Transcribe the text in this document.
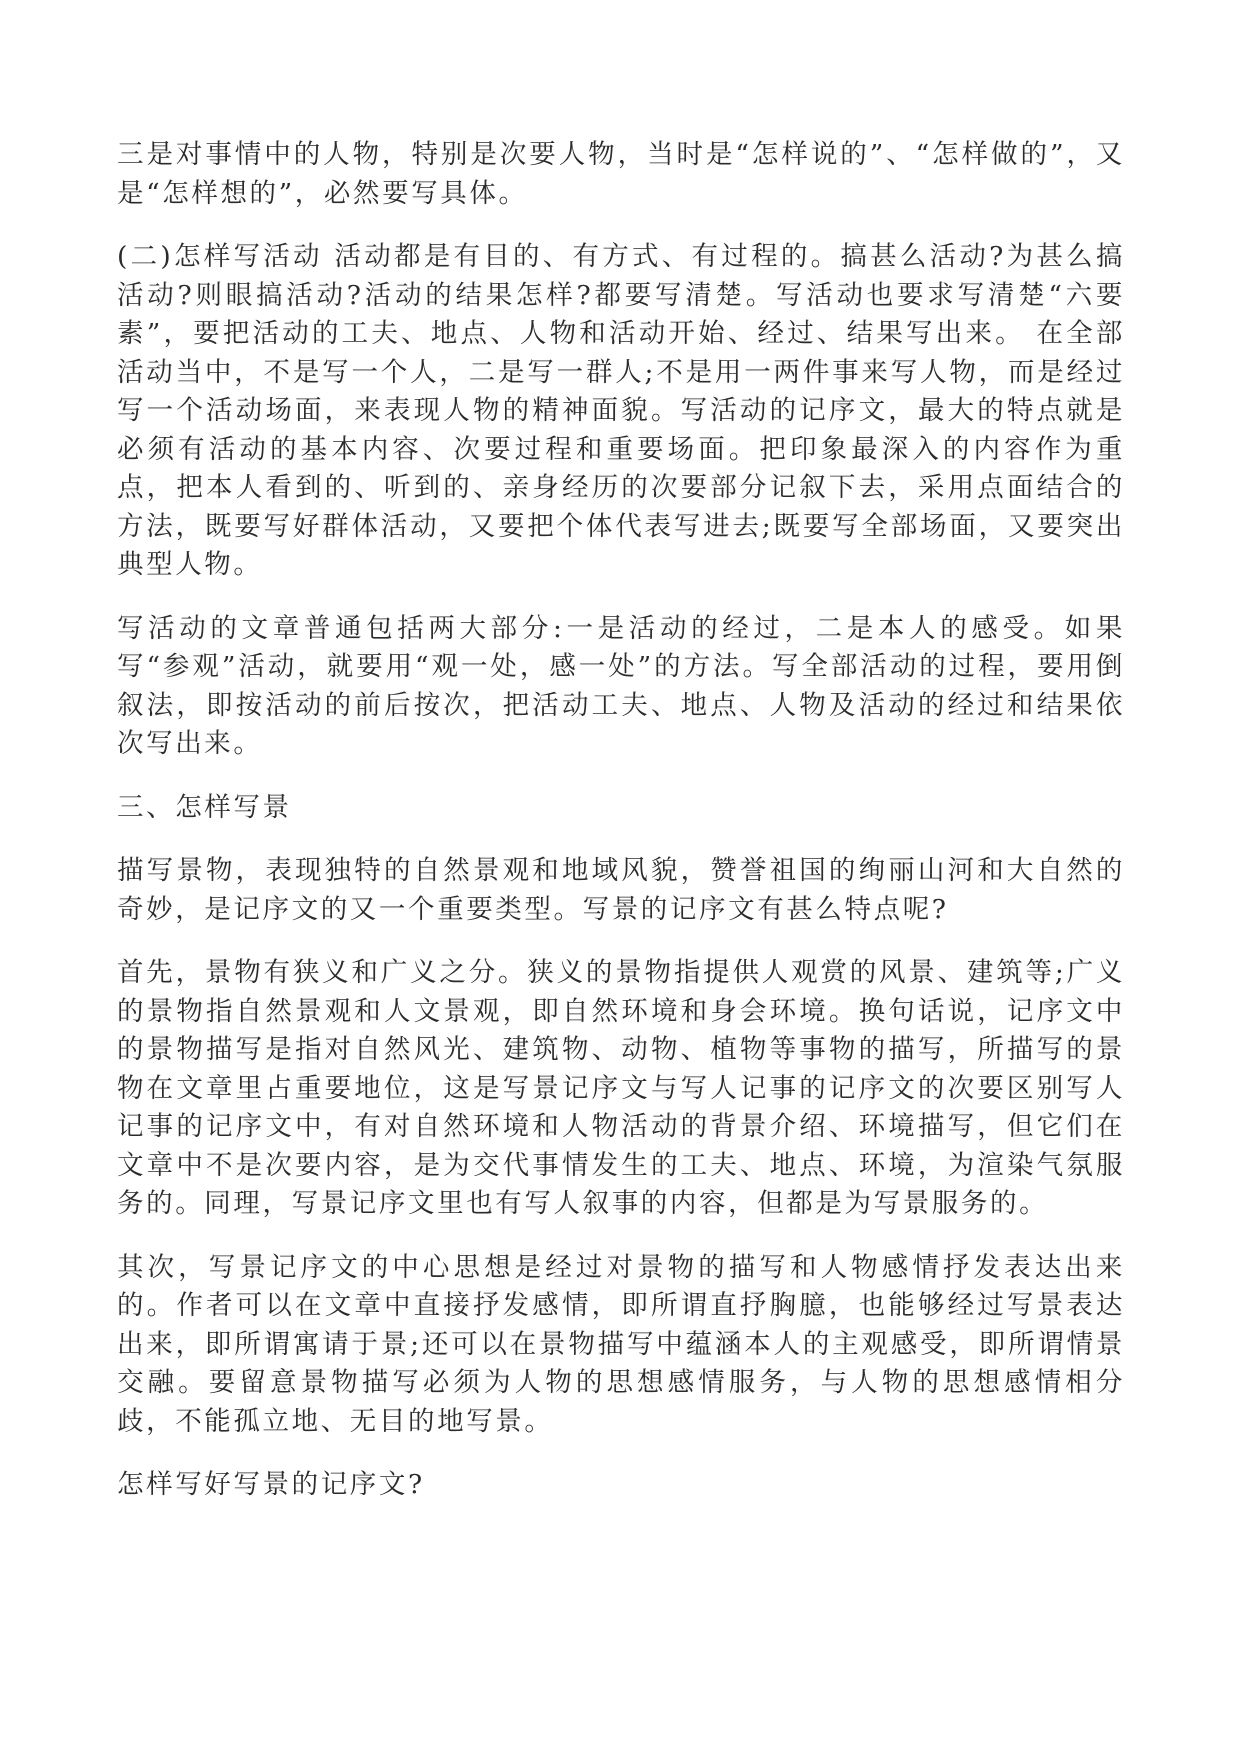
三是对事情中的人物，特别是次要人物，当时是“怎样说的”、“怎样做的”，又是“怎样想的”，必然要写具体。

(二)怎样写活动 活动都是有目的、有方式、有过程的。搞甚么活动?为甚么搞活动?则眼搞活动?活动的结果怎样?都要写清楚。写活动也要求写清楚“六要素”，要把活动的工夫、地点、人物和活动开始、经过、结果写出来。 在全部活动当中，不是写一个人，二是写一群人;不是用一两件事来写人物，而是经过写一个活动场面，来表现人物的精神面貌。写活动的记序文，最大的特点就是必须有活动的基本内容、次要过程和重要场面。把印象最深入的内容作为重点，把本人看到的、听到的、亲身经历的次要部分记叙下去，采用点面结合的方法，既要写好群体活动，又要把个体代表写进去;既要写全部场面，又要突出典型人物。

写活动的文章普通包括两大部分:一是活动的经过，二是本人的感受。如果写“参观”活动，就要用“观一处，感一处”的方法。写全部活动的过程，要用倒叙法，即按活动的前后按次，把活动工夫、地点、人物及活动的经过和结果依次写出来。

三、怎样写景

描写景物，表现独特的自然景观和地域风貌，赞誉祖国的绚丽山河和大自然的奇妙，是记序文的又一个重要类型。写景的记序文有甚么特点呢?

首先，景物有狭义和广义之分。狭义的景物指提供人观赏的风景、建筑等;广义的景物指自然景观和人文景观，即自然环境和身会环境。换句话说，记序文中的景物描写是指对自然风光、建筑物、动物、植物等事物的描写，所描写的景物在文章里占重要地位，这是写景记序文与写人记事的记序文的次要区别写人记事的记序文中，有对自然环境和人物活动的背景介绍、环境描写，但它们在文章中不是次要内容，是为交代事情发生的工夫、地点、环境，为渲染气氛服务的。同理，写景记序文里也有写人叙事的内容，但都是为写景服务的。

其次，写景记序文的中心思想是经过对景物的描写和人物感情抒发表达出来的。作者可以在文章中直接抒发感情，即所谓直抒胸臆，也能够经过写景表达出来，即所谓寓请于景;还可以在景物描写中蕴涵本人的主观感受，即所谓情景交融。要留意景物描写必须为人物的思想感情服务，与人物的思想感情相分歧，不能孤立地、无目的地写景。

怎样写好写景的记序文?
